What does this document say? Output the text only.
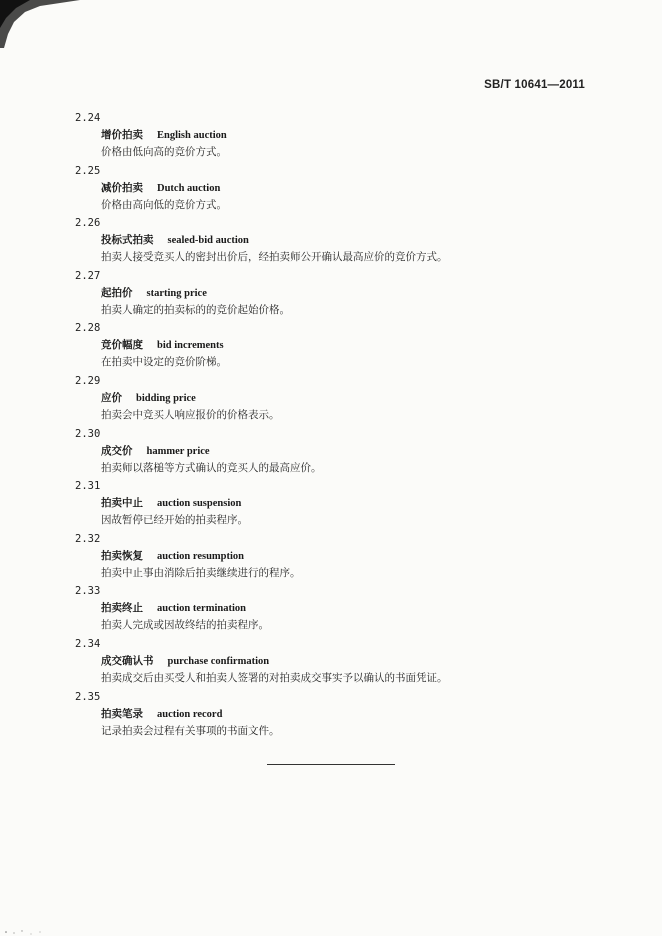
SB/T 10641—2011
2.24
增价拍卖 English auction
价格由低向高的竞价方式。
2.25
减价拍卖 Dutch auction
价格由高向低的竞价方式。
2.26
投标式拍卖 sealed-bid auction
拍卖人接受竞买人的密封出价后，经拍卖师公开确认最高应价的竞价方式。
2.27
起拍价 starting price
拍卖人确定的拍卖标的的竞价起始价格。
2.28
竞价幅度 bid increments
在拍卖中设定的竞价阶梯。
2.29
应价 bidding price
拍卖会中竞买人响应报价的价格表示。
2.30
成交价 hammer price
拍卖师以落槌等方式确认的竞买人的最高应价。
2.31
拍卖中止 auction suspension
因故暂停已经开始的拍卖程序。
2.32
拍卖恢复 auction resumption
拍卖中止事由消除后拍卖继续进行的程序。
2.33
拍卖终止 auction termination
拍卖人完成或因故终结的拍卖程序。
2.34
成交确认书 purchase confirmation
拍卖成交后由买受人和拍卖人签署的对拍卖成交事实予以确认的书面凭证。
2.35
拍卖笔录 auction record
记录拍卖会过程有关事项的书面文件。
